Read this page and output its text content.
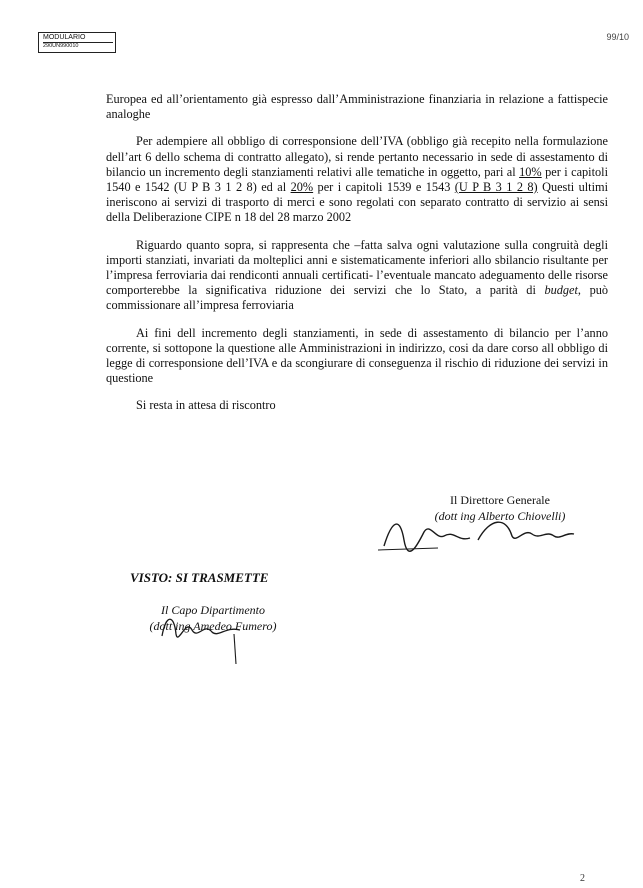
MODULARIO
290UN990010
99/10

Europea ed all’orientamento già espresso dall’Amministrazione finanziaria in relazione a fattispecie analoghe

Per adempiere all obbligo di corresponsione dell’IVA (obbligo già recepito nella formulazione dell’art 6 dello schema di contratto allegato), si rende pertanto necessario in sede di assestamento di bilancio un incremento degli stanziamenti relativi alle tematiche in oggetto, pari al 10% per i capitoli 1540 e 1542 (U P B 3 1 2 8) ed al 20% per i capitoli 1539 e 1543 (U P B 3 1 2 8) Questi ultimi ineriscono ai servizi di trasporto di merci e sono regolati con separato contratto di servizio ai sensi della Deliberazione CIPE n 18 del 28 marzo 2002

Riguardo quanto sopra, si rappresenta che –fatta salva ogni valutazione sulla congruità degli importi stanziati, invariati da molteplici anni e sistematicamente inferiori allo sbilancio risultante per l’impresa ferroviaria dai rendiconti annuali certificati- l’eventuale mancato adeguamento delle risorse comporterebbe la significativa riduzione dei servizi che lo Stato, a parità di budget, può commissionare all’impresa ferroviaria

Ai fini dell incremento degli stanziamenti, in sede di assestamento di bilancio per l’anno corrente, si sottopone la questione alle Amministrazioni in indirizzo, cosi da dare corso all obbligo di legge di corresponsione dell’IVA e da scongiurare di conseguenza il rischio di riduzione dei servizi in questione

Si resta in attesa di riscontro

Il Direttore Generale
(dott ing Alberto Chiovelli)
VISTO: SI TRASMETTE
Il Capo Dipartimento
(dott ing Amedeo Fumero)
2
